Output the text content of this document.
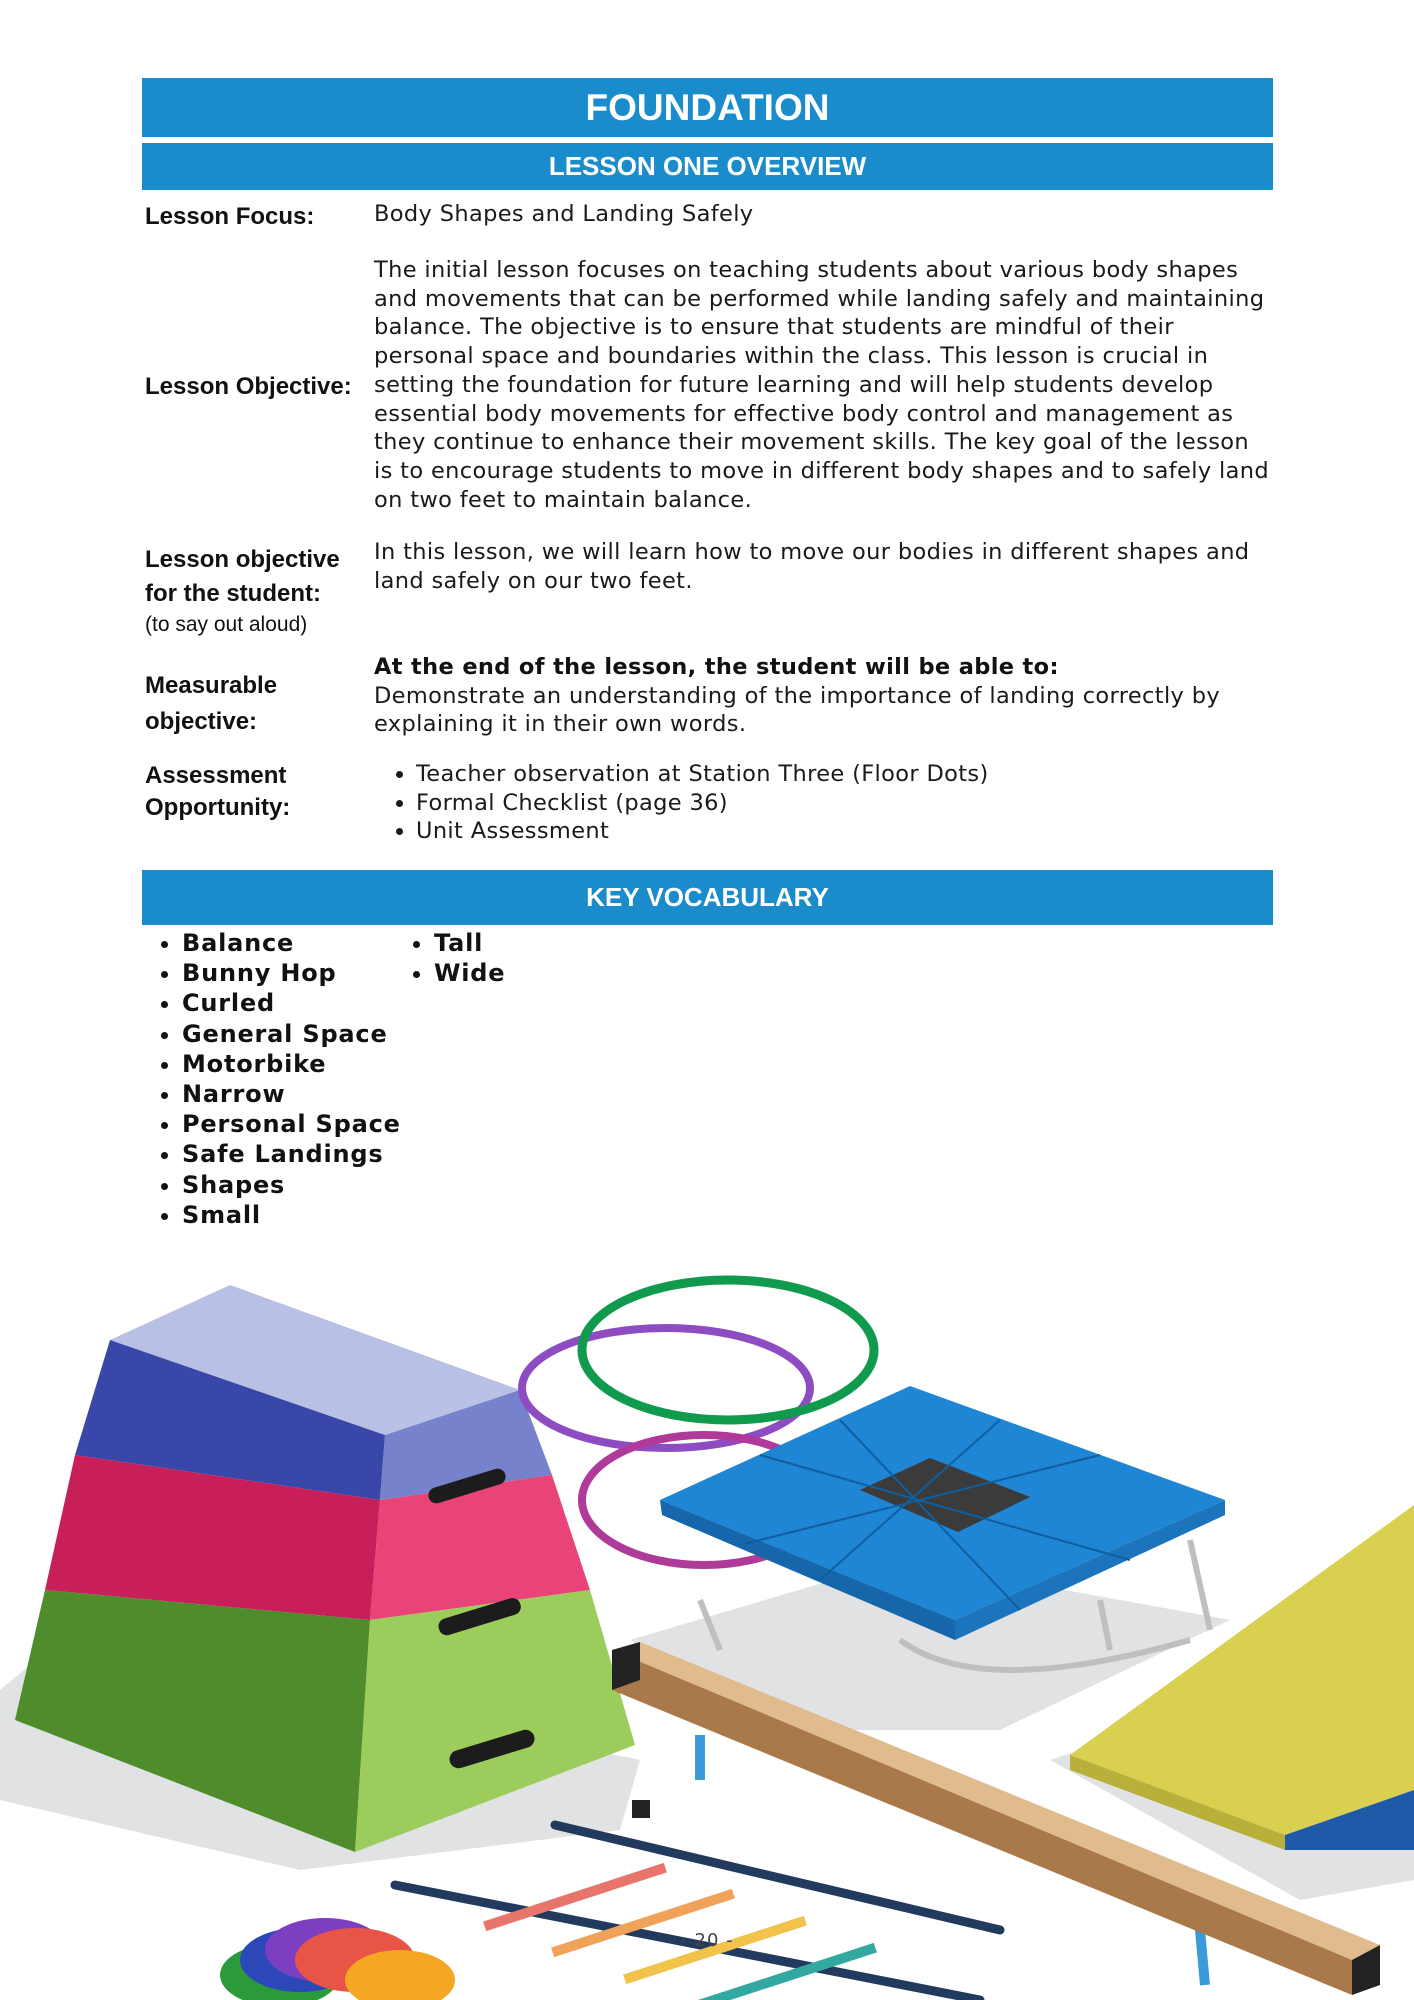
FOUNDATION
LESSON ONE OVERVIEW
Lesson Focus:	Body Shapes and Landing Safely
Lesson Objective:
The initial lesson focuses on teaching students about various body shapes and movements that can be performed while landing safely and maintaining balance. The objective is to ensure that students are mindful of their personal space and boundaries within the class. This lesson is crucial in setting the foundation for future learning and will help students develop essential body movements for effective body control and management as they continue to enhance their movement skills. The key goal of the lesson is to encourage students to move in different body shapes and to safely land on two feet to maintain balance.
Lesson objective
for the student:
(to say out aloud)
In this lesson, we will learn how to move our bodies in different shapes and land safely on our two feet.
Measurable
objective:
At the end of the lesson, the student will be able to:
Demonstrate an understanding of the importance of landing correctly by explaining it in their own words.
Assessment
Opportunity:
• Teacher observation at Station Three (Floor Dots)
• Formal Checklist (page 36)
• Unit Assessment
KEY VOCABULARY
• Balance
• Bunny Hop
• Curled
• General Space
• Motorbike
• Narrow
• Personal Space
• Safe Landings
• Shapes
• Small
• Tall
• Wide
- 20 -
